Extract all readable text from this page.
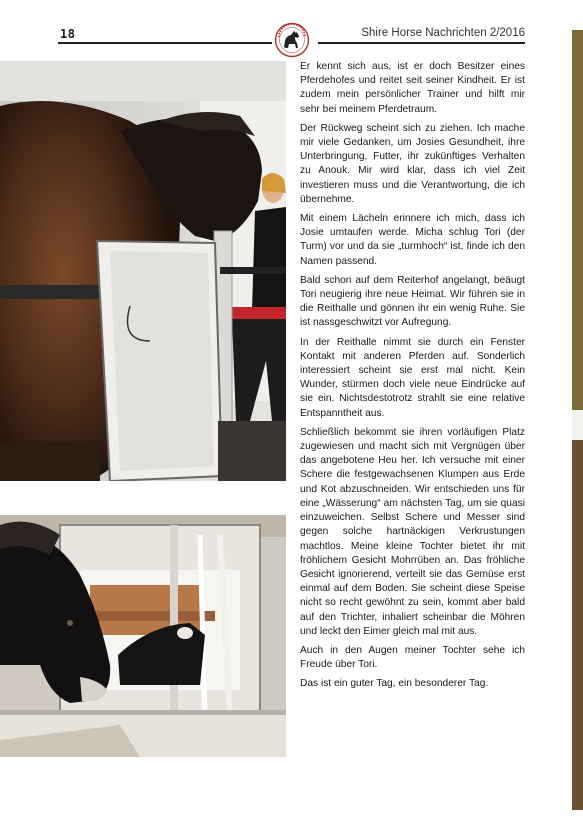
18	Shire Horse Nachrichten 2/2016

Er kennt sich aus, ist er doch Besitzer eines Pferdehofes und reitet seit seiner Kindheit. Er ist zudem mein persönlicher Trainer und hilft mir sehr bei meinem Pferdetraum.

Der Rückweg scheint sich zu ziehen. Ich mache mir viele Gedanken, um Josies Gesundheit, ihre Unterbringung, Futter, ihr zukünftiges Verhalten zu Anouk. Mir wird klar, dass ich viel Zeit investieren muss und die Verantwortung, die ich übernehme.

Mit einem Lächeln erinnere ich mich, dass ich Josie umtaufen werde. Micha schlug Tori (der Turm) vor und da sie „turmhoch“ ist, finde ich den Namen passend.

Bald schon auf dem Reiterhof angelangt, beäugt Tori neugierig ihre neue Heimat. Wir führen sie in die Reithalle und gönnen ihr ein wenig Ruhe. Sie ist nassgeschwitzt vor Aufregung.

In der Reithalle nimmt sie durch ein Fenster Kontakt mit anderen Pferden auf. Sonderlich interessiert scheint sie erst mal nicht. Kein Wunder, stürmen doch viele neue Eindrücke auf sie ein. Nichtsdestotrotz strahlt sie eine relative Entspanntheit aus.

Schließlich bekommt sie ihren vorläufigen Platz zugewiesen und macht sich mit Vergnügen über das angebotene Heu her. Ich versuche mit einer Schere die festgewachsenen Klumpen aus Erde und Kot abzuschneiden. Wir entschieden uns für eine „Wässerung“ am nächsten Tag, um sie quasi einzuweichen. Selbst Schere und Messer sind gegen solche hartnäckigen Verkrustungen machtlos. Meine kleine Tochter bietet ihr mit fröhlichem Gesicht Mohrrüben an. Das fröhliche Gesicht ignorierend, verteilt sie das Gemüse erst einmal auf dem Boden. Sie scheint diese Speise nicht so recht gewöhnt zu sein, kommt aber bald auf den Trichter, inhaliert scheinbar die Möhren und leckt den Eimer gleich mal mit aus.

Auch in den Augen meiner Tochter sehe ich Freude über Tori.

Das ist ein guter Tag, ein besonderer Tag.
